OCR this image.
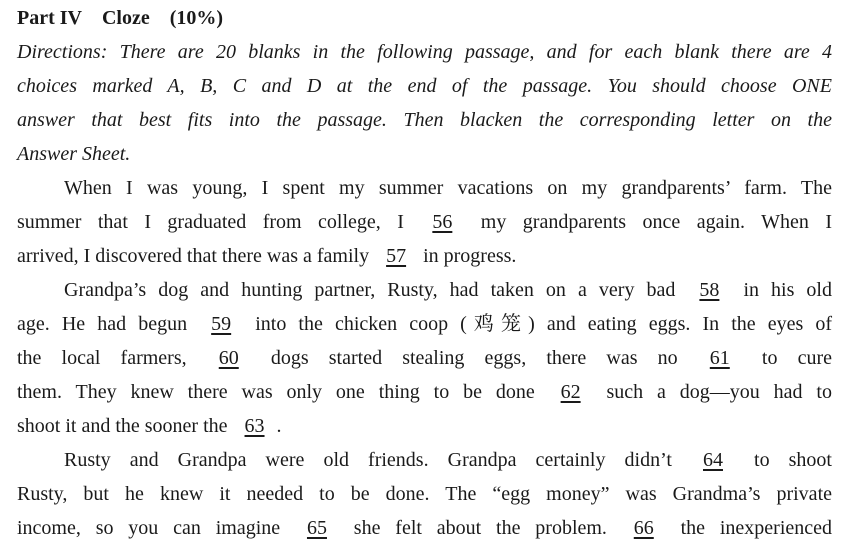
Part IV Cloze (10%)
Directions: There are 20 blanks in the following passage, and for each blank there are 4
choices marked A, B, C and D at the end of the passage. You should choose ONE
answer that best fits into the passage. Then blacken the corresponding letter on the
Answer Sheet.
When I was young, I spent my summer vacations on my grandparents’ farm. The
summer that I graduated from college, I 56 my grandparents once again. When I
arrived, I discovered that there was a family 57 in progress.
Grandpa’s dog and hunting partner, Rusty, had taken on a very bad 58 in his old
age. He had begun 59 into the chicken coop (鸡笼) and eating eggs. In the eyes of
the local farmers, 60 dogs started stealing eggs, there was no 61 to cure
them. They knew there was only one thing to be done 62 such a dog—you had to
shoot it and the sooner the 63 .
Rusty and Grandpa were old friends. Grandpa certainly didn’t 64 to shoot
Rusty, but he knew it needed to be done. The “egg money” was Grandma’s private
income, so you can imagine 65 she felt about the problem. 66 the inexperienced
